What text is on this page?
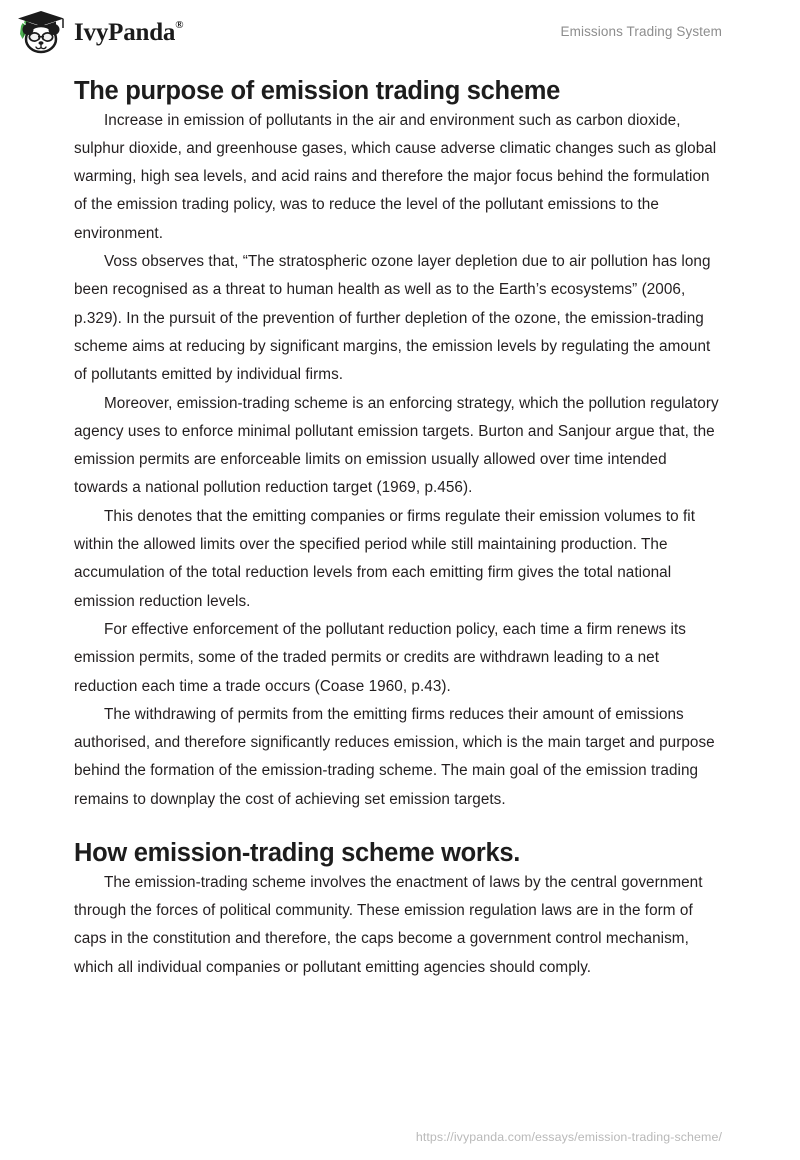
IvyPanda®	Emissions Trading System
The purpose of emission trading scheme

Increase in emission of pollutants in the air and environment such as carbon dioxide, sulphur dioxide, and greenhouse gases, which cause adverse climatic changes such as global warming, high sea levels, and acid rains and therefore the major focus behind the formulation of the emission trading policy, was to reduce the level of the pollutant emissions to the environment.

Voss observes that, “The stratospheric ozone layer depletion due to air pollution has long been recognised as a threat to human health as well as to the Earth’s ecosystems” (2006, p.329). In the pursuit of the prevention of further depletion of the ozone, the emission-trading scheme aims at reducing by significant margins, the emission levels by regulating the amount of pollutants emitted by individual firms.

Moreover, emission-trading scheme is an enforcing strategy, which the pollution regulatory agency uses to enforce minimal pollutant emission targets. Burton and Sanjour argue that, the emission permits are enforceable limits on emission usually allowed over time intended towards a national pollution reduction target (1969, p.456).

This denotes that the emitting companies or firms regulate their emission volumes to fit within the allowed limits over the specified period while still maintaining production. The accumulation of the total reduction levels from each emitting firm gives the total national emission reduction levels.

For effective enforcement of the pollutant reduction policy, each time a firm renews its emission permits, some of the traded permits or credits are withdrawn leading to a net reduction each time a trade occurs (Coase 1960, p.43).

The withdrawing of permits from the emitting firms reduces their amount of emissions authorised, and therefore significantly reduces emission, which is the main target and purpose behind the formation of the emission-trading scheme. The main goal of the emission trading remains to downplay the cost of achieving set emission targets.

How emission-trading scheme works.

The emission-trading scheme involves the enactment of laws by the central government through the forces of political community. These emission regulation laws are in the form of caps in the constitution and therefore, the caps become a government control mechanism, which all individual companies or pollutant emitting agencies should comply.

https://ivypanda.com/essays/emission-trading-scheme/
